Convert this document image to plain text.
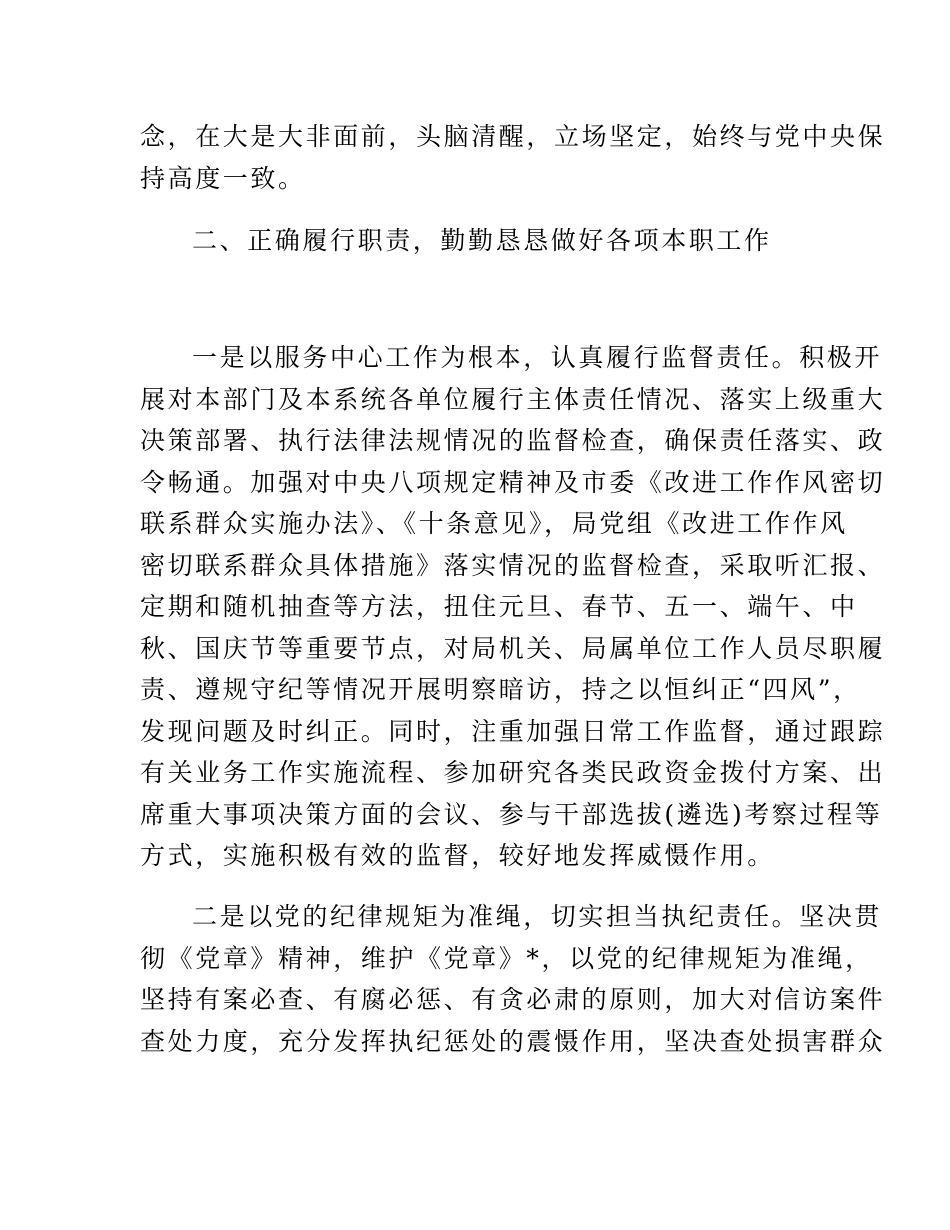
念，在大是大非面前，头脑清醒，立场坚定，始终与党中央保
持高度一致。
二、正确履行职责，勤勤恳恳做好各项本职工作
一是以服务中心工作为根本，认真履行监督责任。积极开
展对本部门及本系统各单位履行主体责任情况、落实上级重大
决策部署、执行法律法规情况的监督检查，确保责任落实、政
令畅通。加强对中央八项规定精神及市委《改进工作作风密切
联系群众实施办法》、《十条意见》，局党组《改进工作作风
密切联系群众具体措施》落实情况的监督检查，采取听汇报、
定期和随机抽查等方法，扭住元旦、春节、五一、端午、中
秋、国庆节等重要节点，对局机关、局属单位工作人员尽职履
责、遵规守纪等情况开展明察暗访，持之以恒纠正“四风”，
发现问题及时纠正。同时，注重加强日常工作监督，通过跟踪
有关业务工作实施流程、参加研究各类民政资金拨付方案、出
席重大事项决策方面的会议、参与干部选拔(遴选)考察过程等
方式，实施积极有效的监督，较好地发挥威慑作用。
二是以党的纪律规矩为准绳，切实担当执纪责任。坚决贯
彻《党章》精神，维护《党章》*，以党的纪律规矩为准绳，
坚持有案必查、有腐必惩、有贪必肃的原则，加大对信访案件
查处力度，充分发挥执纪惩处的震慑作用，坚决查处损害群众
